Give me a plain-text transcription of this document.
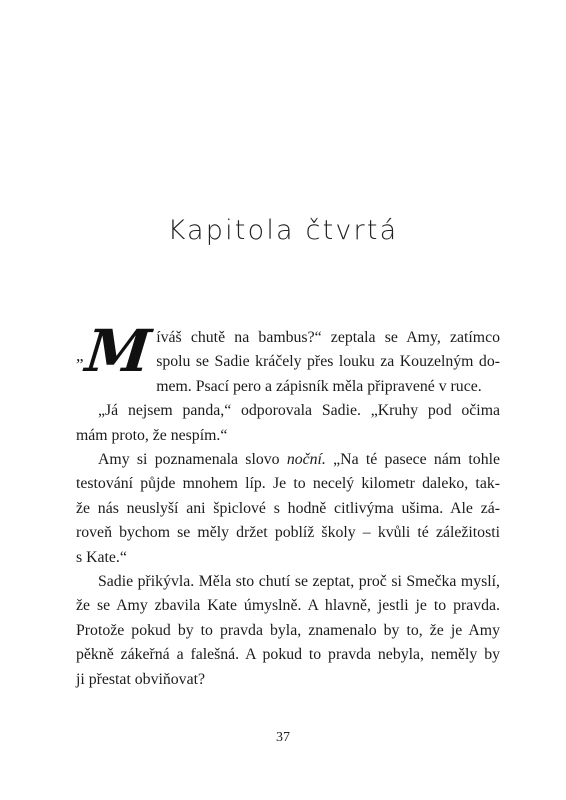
Kapitola čtvrtá

„
M íváš chutě na bambus?“ zeptala se Amy, zatímco
spolu se Sadie kráčely přes louku za Kouzelným do-
mem. Psací pero a zápisník měla připravené v ruce.

„Já nejsem panda,“ odporovala Sadie. „Kruhy pod očima
mám proto, že nespím.“

Amy si poznamenala slovo noční. „Na té pasece nám tohle
testování půjde mnohem líp. Je to necelý kilometr daleko, tak-
že nás neuslyší ani špiclové s hodně citlivýma ušima. Ale zá-
roveň bychom se měly držet poblíž školy – kvůli té záležitosti
s Kate.“

Sadie přikývla. Měla sto chutí se zeptat, proč si Smečka myslí,
že se Amy zbavila Kate úmyslně. A hlavně, jestli je to pravda.
Protože pokud by to pravda byla, znamenalo by to, že je Amy
pěkně zákeřná a falešná. A pokud to pravda nebyla, neměly by
ji přestat obviňovat?

37
